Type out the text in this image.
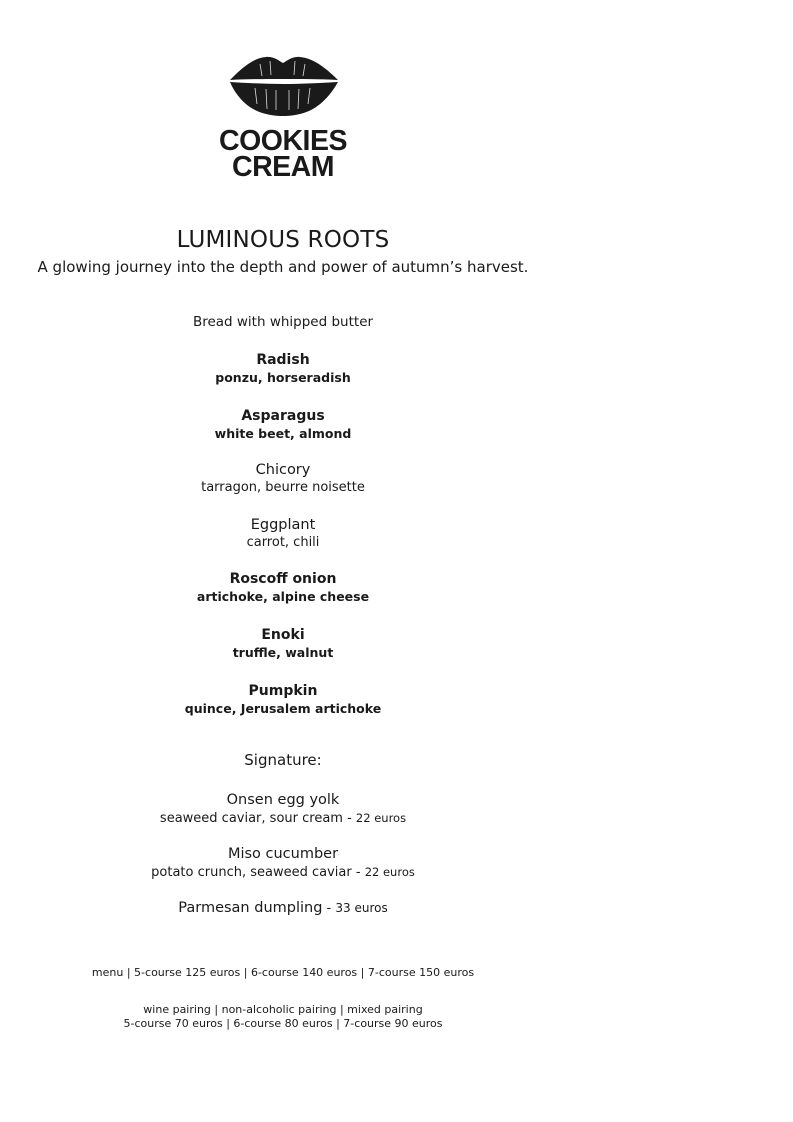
COOKIES
CREAM
LUMINOUS ROOTS
A glowing journey into the depth and power of autumn’s harvest.
Bread with whipped butter
Radish
ponzu, horseradish
Asparagus
white beet, almond
Chicory
tarragon, beurre noisette
Eggplant
carrot, chili
Roscoff onion
artichoke, alpine cheese
Enoki
truffle, walnut
Pumpkin
quince, Jerusalem artichoke
Signature:
Onsen egg yolk
seaweed caviar, sour cream - 22 euros
Miso cucumber
potato crunch, seaweed caviar - 22 euros
Parmesan dumpling - 33 euros
menu | 5-course 125 euros | 6-course 140 euros | 7-course 150 euros
wine pairing | non-alcoholic pairing | mixed pairing
5-course 70 euros | 6-course 80 euros | 7-course 90 euros
